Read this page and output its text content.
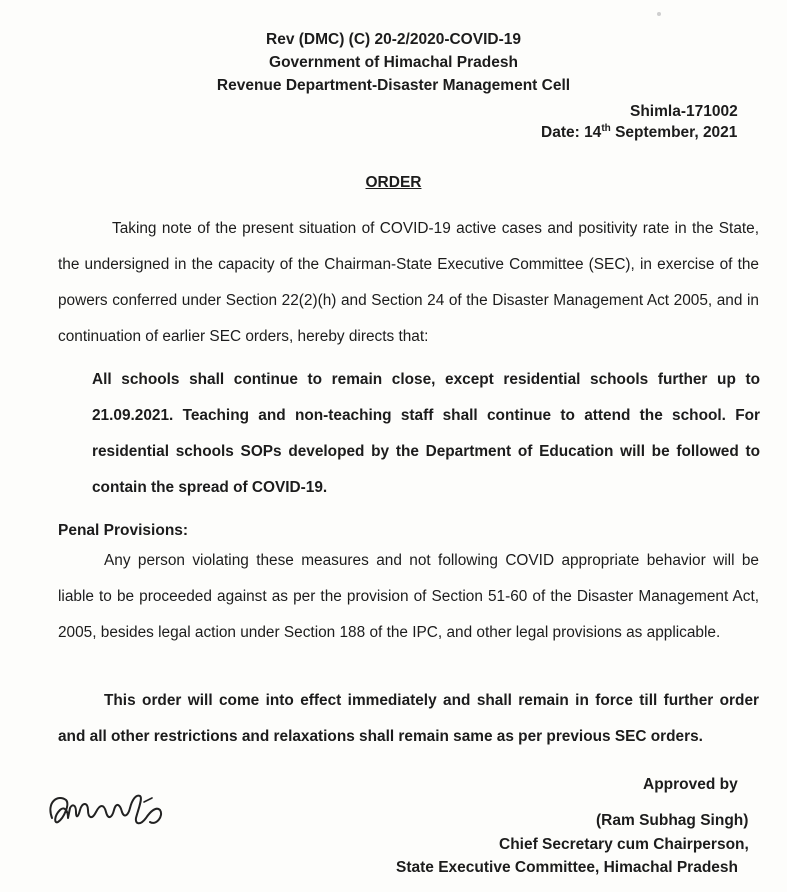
Rev (DMC) (C) 20-2/2020-COVID-19
Government of Himachal Pradesh
Revenue Department-Disaster Management Cell
Shimla-171002
Date: 14th September, 2021
ORDER

Taking note of the present situation of COVID-19 active cases and positivity rate in the State, the undersigned in the capacity of the Chairman-State Executive Committee (SEC), in exercise of the powers conferred under Section 22(2)(h) and Section 24 of the Disaster Management Act 2005, and in continuation of earlier SEC orders, hereby directs that:

All schools shall continue to remain close, except residential schools further up to 21.09.2021. Teaching and non-teaching staff shall continue to attend the school. For residential schools SOPs developed by the Department of Education will be followed to contain the spread of COVID-19.

Penal Provisions:

Any person violating these measures and not following COVID appropriate behavior will be liable to be proceeded against as per the provision of Section 51-60 of the Disaster Management Act, 2005, besides legal action under Section 188 of the IPC, and other legal provisions as applicable.

This order will come into effect immediately and shall remain in force till further order and all other restrictions and relaxations shall remain same as per previous SEC orders.

Approved by
(Ram Subhag Singh)
Chief Secretary cum Chairperson,
State Executive Committee, Himachal Pradesh
